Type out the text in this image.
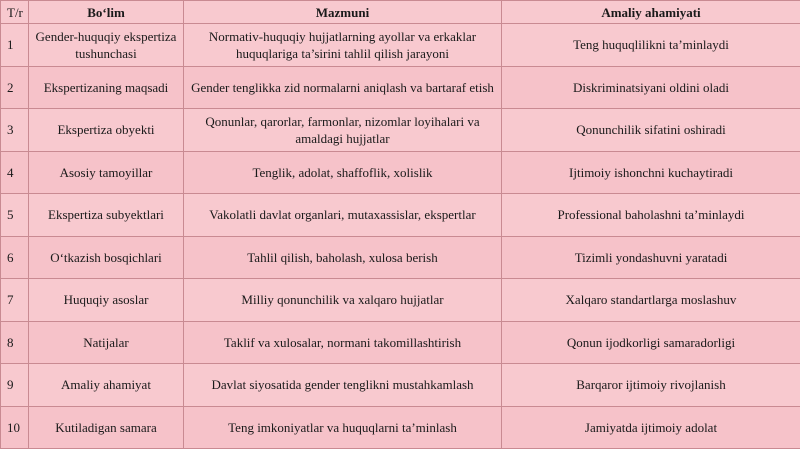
T/r	Bo‘lim	Mazmuni	Amaliy ahamiyati
1	Gender-huquqiy ekspertiza tushunchasi	Normativ-huquqiy hujjatlarning ayollar va erkaklar huquqlariga ta’sirini tahlil qilish jarayoni	Teng huquqlilikni ta’minlaydi
2	Ekspertizaning maqsadi	Gender tenglikka zid normalarni aniqlash va bartaraf etish	Diskriminatsiyani oldini oladi
3	Ekspertiza obyekti	Qonunlar, qarorlar, farmonlar, nizomlar loyihalari va amaldagi hujjatlar	Qonunchilik sifatini oshiradi
4	Asosiy tamoyillar	Tenglik, adolat, shaffoflik, xolislik	Ijtimoiy ishonchni kuchaytiradi
5	Ekspertiza subyektlari	Vakolatli davlat organlari, mutaxassislar, ekspertlar	Professional baholashni ta’minlaydi
6	O‘tkazish bosqichlari	Tahlil qilish, baholash, xulosa berish	Tizimli yondashuvni yaratadi
7	Huquqiy asoslar	Milliy qonunchilik va xalqaro hujjatlar	Xalqaro standartlarga moslashuv
8	Natijalar	Taklif va xulosalar, normani takomillashtirish	Qonun ijodkorligi samaradorligi
9	Amaliy ahamiyat	Davlat siyosatida gender tenglikni mustahkamlash	Barqaror ijtimoiy rivojlanish
10	Kutiladigan samara	Teng imkoniyatlar va huquqlarni ta’minlash	Jamiyatda ijtimoiy adolat
